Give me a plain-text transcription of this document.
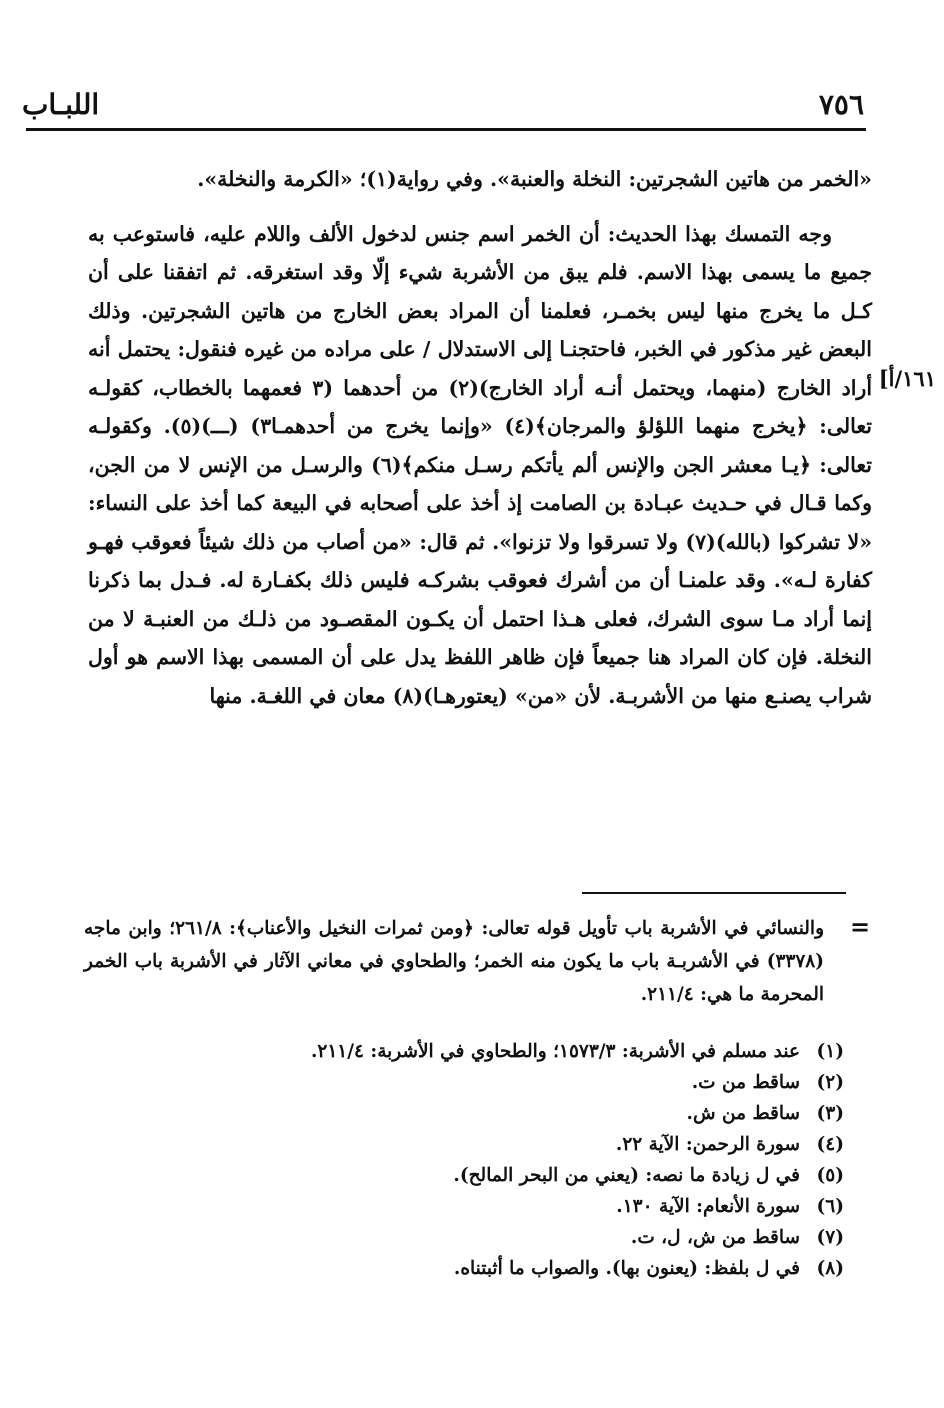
اللبـاب	٧٥٦
١٦١/أ]

«الخمر من هاتين الشجرتين: النخلة والعنبة». وفي رواية(١)؛ «الكرمة والنخلة».

وجه التمسك بهذا الحديث: أن الخمر اسم جنس لدخول الألف واللام عليه، فاستوعب به جميع ما يسمى بهذا الاسم. فلم يبق من الأشربة شيء إلّا وقد استغرقه. ثم اتفقنا على أن كـل ما يخرج منها ليس بخمـر، فعلمنا أن المراد بعض الخارج من هاتين الشجرتين. وذلك البعض غير مذكور في الخبر، فاحتجنـا إلى الاستدلال / على مراده من غيره فنقول: يحتمل أنه أراد الخارج (منهما، ويحتمل أنـه أراد الخارج)(٢) من أحدهما (٣ فعمهما بالخطاب، كقولـه تعالى: ﴿يخرج منهما اللؤلؤ والمرجان﴾(٤) «وإنما يخرج من أحدهمـا٣) (ـــ)(٥). وكقولـه تعالى: ﴿يـا معشر الجن والإنس ألم يأتكم رسـل منكم﴾(٦) والرسـل من الإنس لا من الجن، وكما قـال في حـديث عبـادة بن الصامت إذ أخذ على أصحابه في البيعة كما أخذ على النساء: «لا تشركوا (بالله)(٧) ولا تسرقوا ولا تزنوا». ثم قال: «من أصاب من ذلك شيئاً فعوقب فهـو كفارة لـه». وقد علمنـا أن من أشرك فعوقب بشركـه فليس ذلك بكفـارة له. فـدل بما ذكرنا إنما أراد مـا سوى الشرك، فعلى هـذا احتمل أن يكـون المقصـود من ذلـك من العنبـة لا من النخلة. فإن كان المراد هنا جميعاً فإن ظاهر اللفظ يدل على أن المسمى بهذا الاسم هو أول شراب يصنـع منها من الأشربـة. لأن «من» (يعتورهـا)(٨) معان في اللغـة. منها

=
والنسائي في الأشربة باب تأويل قوله تعالى: ﴿ومن ثمرات النخيل والأعناب﴾: ٢٦١/٨؛ وابن ماجه (٣٣٧٨) في الأشربـة باب ما يكون منه الخمر؛ والطحاوي في معاني الآثار في الأشربة باب الخمر المحرمة ما هي: ٢١١/٤.
(١)
عند مسلم في الأشربة: ١٥٧٣/٣؛ والطحاوي في الأشربة: ٢١١/٤.
(٢)
ساقط من ت.
(٣)
ساقط من ش.
(٤)
سورة الرحمن: الآية ٢٢.
(٥)
في ل زيادة ما نصه: (يعني من البحر المالح).
(٦)
سورة الأنعام: الآية ١٣٠.
(٧)
ساقط من ش، ل، ت.
(٨)
في ل بلفظ: (يعنون بها). والصواب ما أثبتناه.
